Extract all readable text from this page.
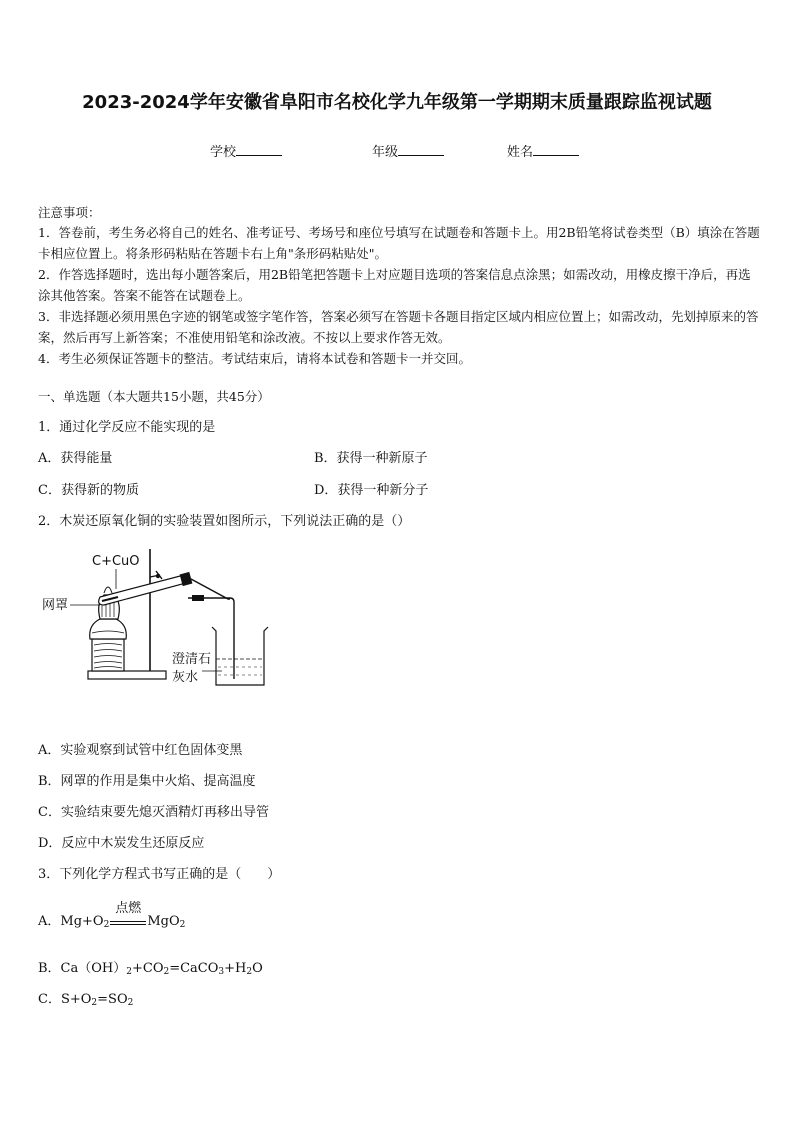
2023-2024学年安徽省阜阳市名校化学九年级第一学期期末质量跟踪监视试题
学校	年级	姓名
注意事项：

1．答卷前，考生务必将自己的姓名、准考证号、考场号和座位号填写在试题卷和答题卡上。用2B铅笔将试卷类型（B）填涂在答题卡相应位置上。将条形码粘贴在答题卡右上角"条形码粘贴处"。

2．作答选择题时，选出每小题答案后，用2B铅笔把答题卡上对应题目选项的答案信息点涂黑；如需改动，用橡皮擦干净后，再选涂其他答案。答案不能答在试题卷上。

3．非选择题必须用黑色字迹的钢笔或签字笔作答，答案必须写在答题卡各题目指定区域内相应位置上；如需改动，先划掉原来的答案，然后再写上新答案；不准使用铅笔和涂改液。不按以上要求作答无效。

4．考生必须保证答题卡的整洁。考试结束后，请将本试卷和答题卡一并交回。

一、单选题（本大题共15小题，共45分）
1．通过化学反应不能实现的是
A．获得能量	B．获得一种新原子
C．获得新的物质	D．获得一种新分子
2．木炭还原氧化铜的实验装置如图所示，下列说法正确的是（）
C+CuO
网罩
澄清石
灰水
A．实验观察到试管中红色固体变黑
B．网罩的作用是集中火焰、提高温度
C．实验结束要先熄灭酒精灯再移出导管
D．反应中木炭发生还原反应
3．下列化学方程式书写正确的是（　　）
A．$Mg+O_2$
点燃
MgO$_2$
B．$Ca(OH)_2+CO_2=CaCO_3+H_2O$
C．$S+O_2=SO_2$
